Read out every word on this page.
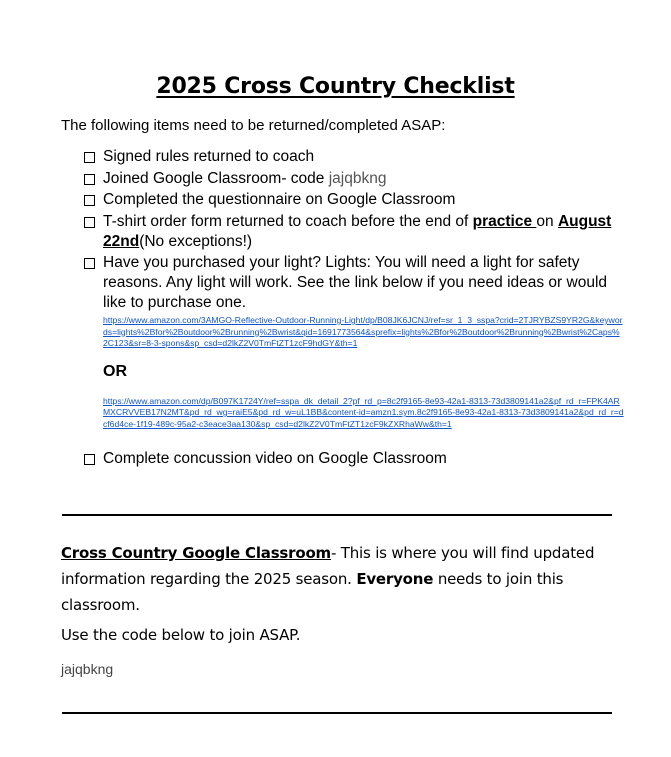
2025 Cross Country Checklist
The following items need to be returned/completed ASAP:
Signed rules returned to coach
Joined Google Classroom- code jajqbkng
Completed the questionnaire on Google Classroom
T-shirt order form returned to coach before the end of practice on August 22nd(No exceptions!)
Have you purchased your light? Lights: You will need a light for safety reasons. Any light will work. See the link below if you need ideas or would like to purchase one.
https://www.amazon.com/3AMGO-Reflective-Outdoor-Running-Light/dp/B08JK6JCNJ/ref=sr_1_3_sspa?crid=2TJRYBZS9YR2G&keywords=lights%2Bfor%2Boutdoor%2Brunning%2Bwrist&qid=1691773564&sprefix=lights%2Bfor%2Boutdoor%2Brunning%2Bwrist%2Caps%2C123&sr=8-3-spons&sp_csd=d2lkZ2V0TmFtZT1zcF9hdGY&th=1
OR
https://www.amazon.com/dp/B097K1724Y/ref=sspa_dk_detail_2?pf_rd_p=8c2f9165-8e93-42a1-8313-73d3809141a2&pf_rd_r=FPK4ARMXCRVVEB17N2MT&pd_rd_wg=raiE5&pd_rd_w=uL1BB&content-id=amzn1.sym.8c2f9165-8e93-42a1-8313-73d3809141a2&pd_rd_r=dcf6d4ce-1f19-489c-95a2-c3eace3aa130&sp_csd=d2lkZ2V0TmFtZT1zcF9kZXRhaWw&th=1
Complete concussion video on Google Classroom
Cross Country Google Classroom- This is where you will find updated information regarding the 2025 season. Everyone needs to join this classroom.
Use the code below to join ASAP.
jajqbkng
